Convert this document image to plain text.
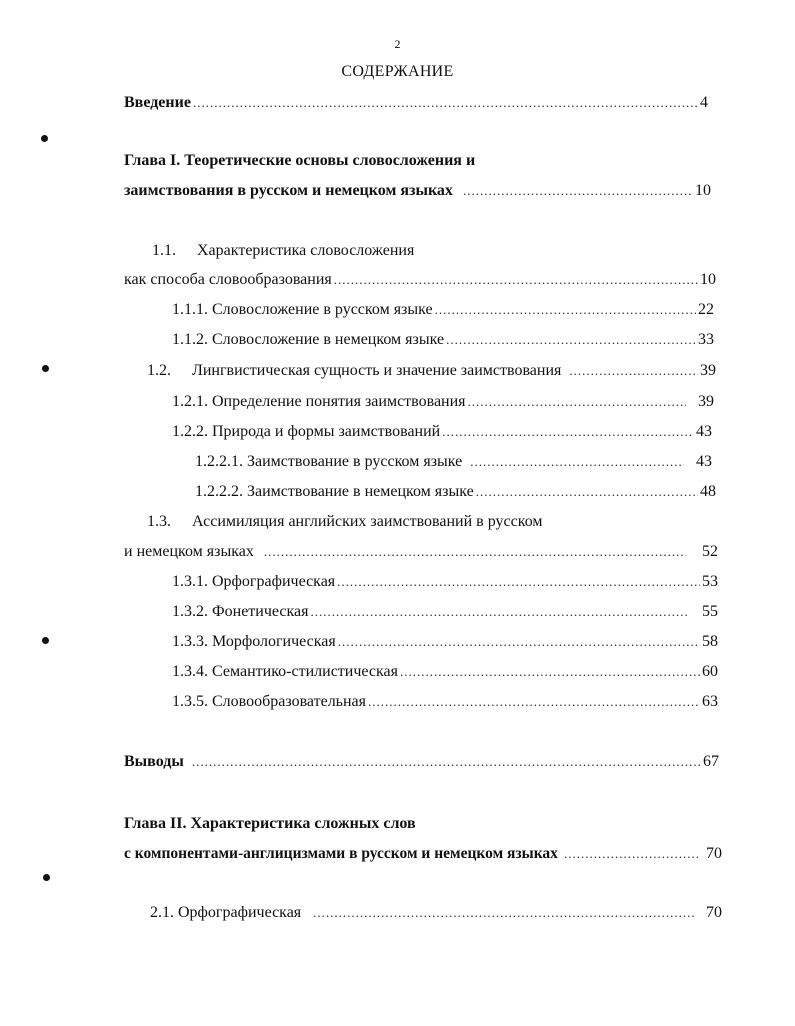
2
СОДЕРЖАНИЕ
Введение .....	4
Глава I. Теоретические основы словосложения и
заимствования в русском и немецком языках .....	10
1.1. Характеристика словосложения
как способа словообразования .....	10
1.1.1. Словосложение в русском языке .....	22
1.1.2. Словосложение в немецком языке .....	33
1.2. Лингвистическая сущность и значение заимствования .....	39
1.2.1. Определение понятия заимствования .....	39
1.2.2. Природа и формы заимствований .....	43
1.2.2.1. Заимствование в русском языке .....	43
1.2.2.2. Заимствование в немецком языке .....	48
1.3. Ассимиляция английских заимствований в русском
и немецком языках .....	52
1.3.1. Орфографическая .....	53
1.3.2. Фонетическая .....	55
1.3.3. Морфологическая .....	58
1.3.4. Семантико-стилистическая .....	60
1.3.5. Словообразовательная .....	63
Выводы .....	67
Глава II. Характеристика сложных слов
с компонентами-англицизмами в русском и немецком языках .....	70
2.1. Орфографическая .....	70
